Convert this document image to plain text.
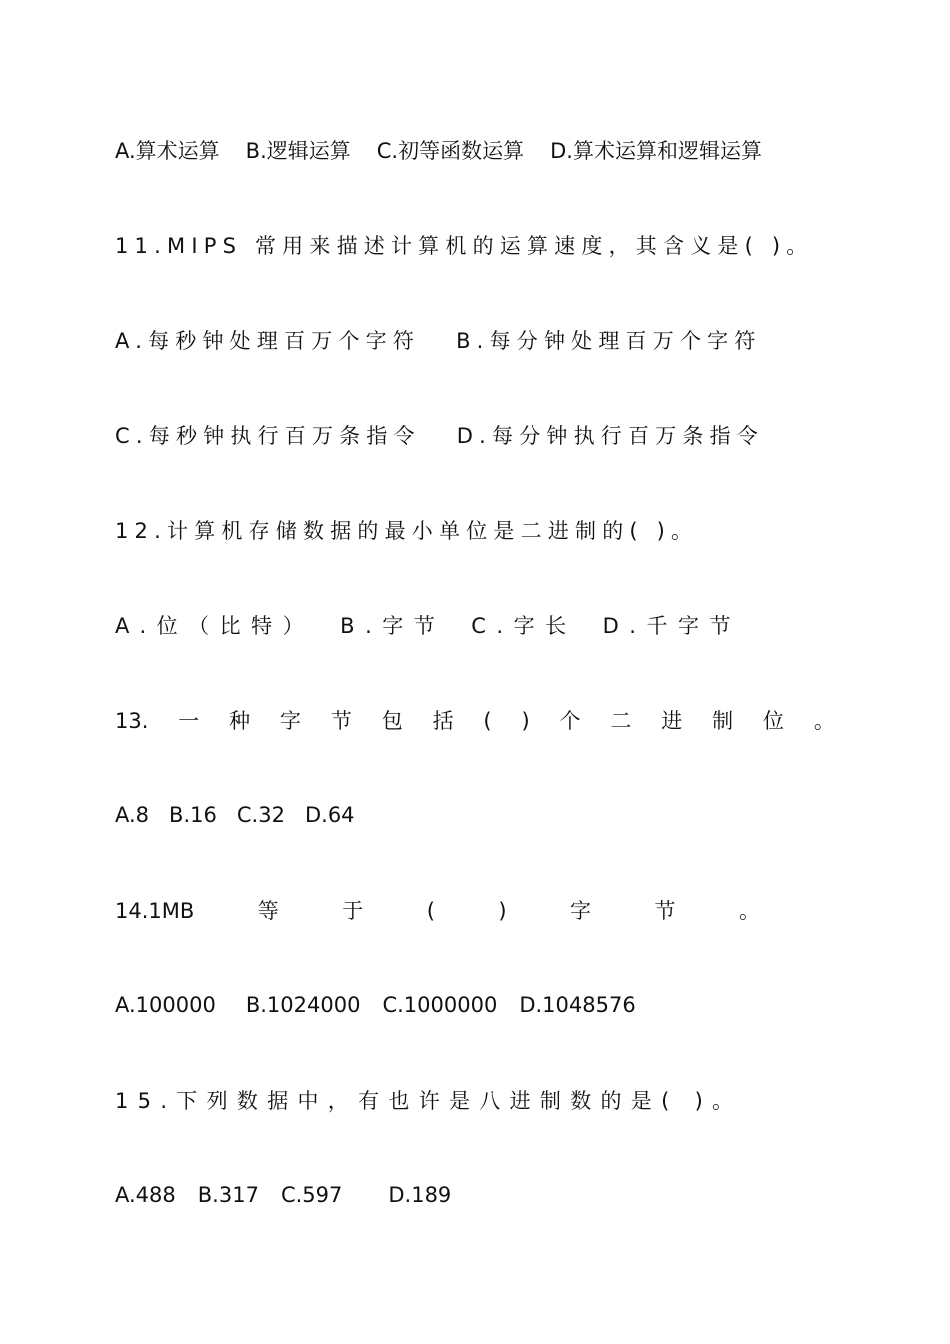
A.算术运算 B.逻辑运算 C.初等函数运算 D.算术运算和逻辑运算
11.MIPS 常用来描述计算机的运算速度，其含义是( )。
A.每秒钟处理百万个字符 B.每分钟处理百万个字符
C.每秒钟执行百万条指令 D.每分钟执行百万条指令
12.计算机存储数据的最小单位是二进制的( )。
A.位（比特） B.字节 C.字长 D.千字节
13. 一 种 字 节 包 括 ( ) 个 二 进 制 位 。
A.8   B.16   C.32   D.64
14.1MB	等	于	(	)	字	节	。
A.100000 B.1024000 C.1000000 D.1048576
15.下列数据中，有也许是八进制数的是( )。
A.488 B.317 C.597 D.189
